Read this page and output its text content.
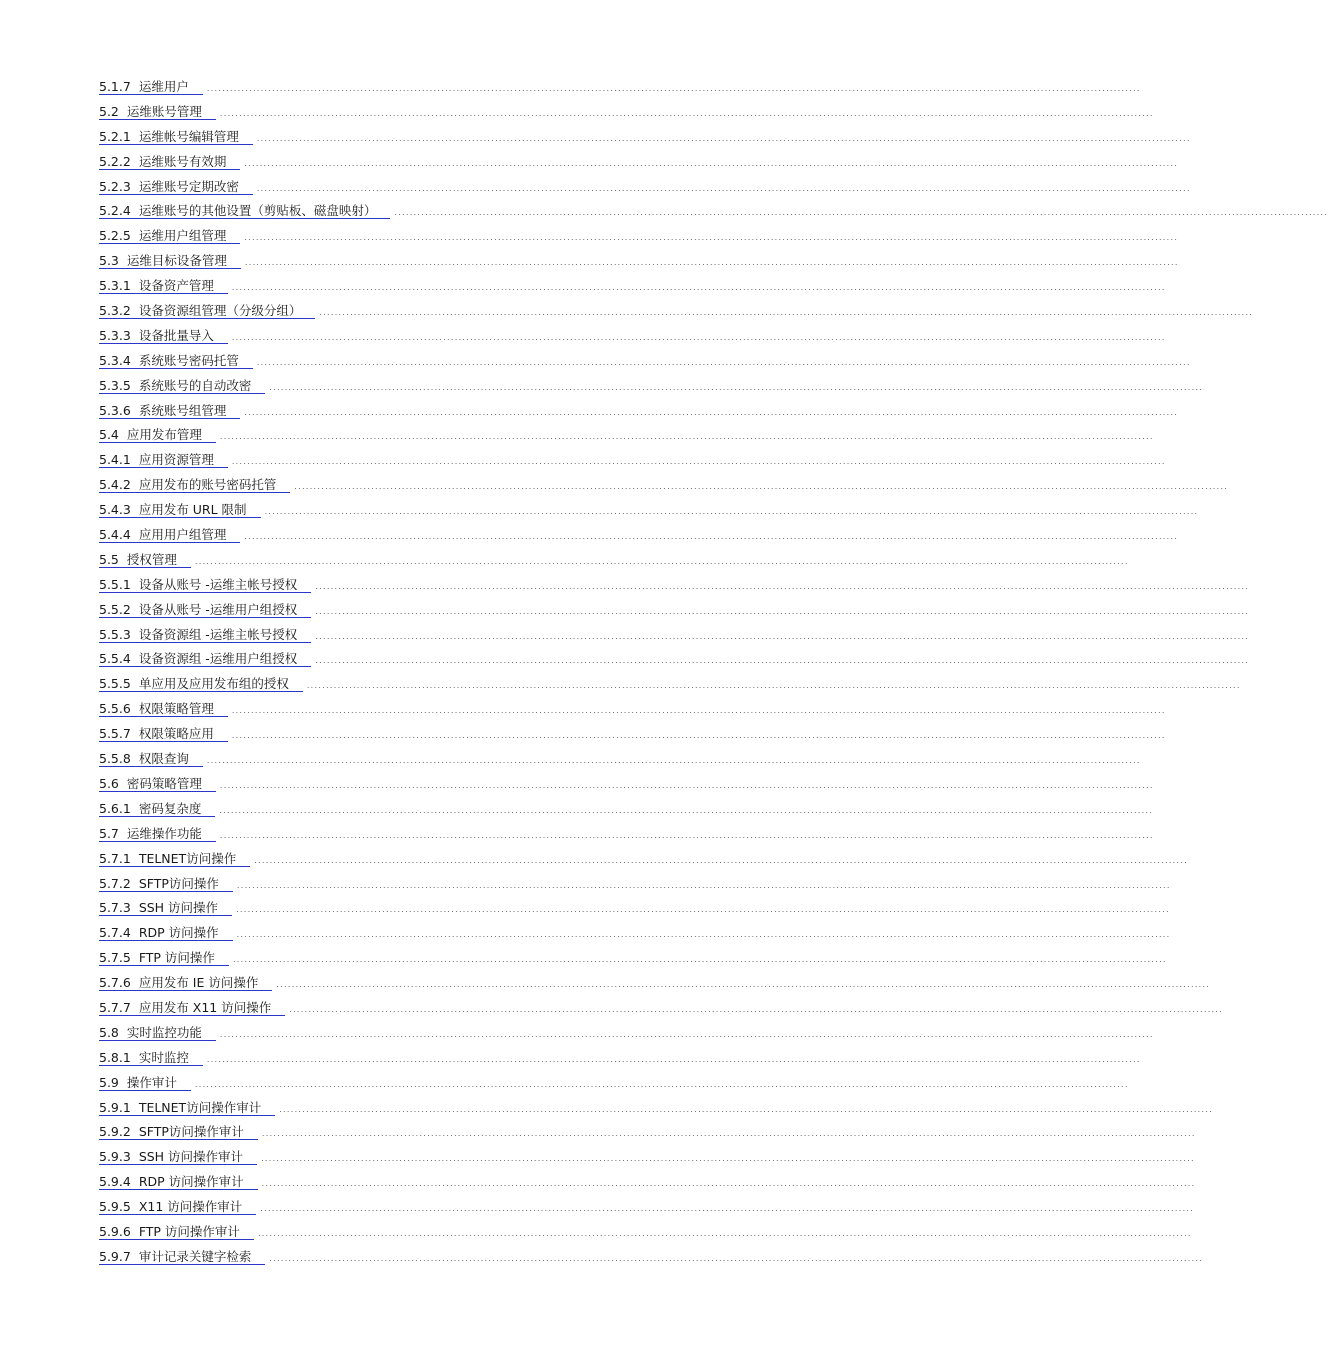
5.1.7 运维用户	...................................................................................................................................................................................................................................................
5.2 运维账号管理	...................................................................................................................................................................................................................................................
5.2.1 运维帐号编辑管理	...................................................................................................................................................................................................................................................
5.2.2 运维账号有效期	...................................................................................................................................................................................................................................................
5.2.3 运维账号定期改密	...................................................................................................................................................................................................................................................
5.2.4 运维账号的其他设置（剪贴板、磁盘映射）	...................................................................................................................................................................................................................................................
5.2.5 运维用户组管理	...................................................................................................................................................................................................................................................
5.3 运维目标设备管理	...................................................................................................................................................................................................................................................
5.3.1 设备资产管理	...................................................................................................................................................................................................................................................
5.3.2 设备资源组管理（分级分组）	...................................................................................................................................................................................................................................................
5.3.3 设备批量导入	...................................................................................................................................................................................................................................................
5.3.4 系统账号密码托管	...................................................................................................................................................................................................................................................
5.3.5 系统账号的自动改密	...................................................................................................................................................................................................................................................
5.3.6 系统账号组管理	...................................................................................................................................................................................................................................................
5.4 应用发布管理	...................................................................................................................................................................................................................................................
5.4.1 应用资源管理	...................................................................................................................................................................................................................................................
5.4.2 应用发布的账号密码托管	...................................................................................................................................................................................................................................................
5.4.3 应用发布 URL 限制	...................................................................................................................................................................................................................................................
5.4.4 应用用户组管理	...................................................................................................................................................................................................................................................
5.5 授权管理	...................................................................................................................................................................................................................................................
5.5.1 设备从账号 -运维主帐号授权	...................................................................................................................................................................................................................................................
5.5.2 设备从账号 -运维用户组授权	...................................................................................................................................................................................................................................................
5.5.3 设备资源组 -运维主帐号授权	...................................................................................................................................................................................................................................................
5.5.4 设备资源组 -运维用户组授权	...................................................................................................................................................................................................................................................
5.5.5 单应用及应用发布组的授权	...................................................................................................................................................................................................................................................
5.5.6 权限策略管理	...................................................................................................................................................................................................................................................
5.5.7 权限策略应用	...................................................................................................................................................................................................................................................
5.5.8 权限查询	...................................................................................................................................................................................................................................................
5.6 密码策略管理	...................................................................................................................................................................................................................................................
5.6.1 密码复杂度	...................................................................................................................................................................................................................................................
5.7 运维操作功能	...................................................................................................................................................................................................................................................
5.7.1 TELNET访问操作	...................................................................................................................................................................................................................................................
5.7.2 SFTP访问操作	...................................................................................................................................................................................................................................................
5.7.3 SSH 访问操作	...................................................................................................................................................................................................................................................
5.7.4 RDP 访问操作	...................................................................................................................................................................................................................................................
5.7.5 FTP 访问操作	...................................................................................................................................................................................................................................................
5.7.6 应用发布 IE 访问操作	...................................................................................................................................................................................................................................................
5.7.7 应用发布 X11 访问操作	...................................................................................................................................................................................................................................................
5.8 实时监控功能	...................................................................................................................................................................................................................................................
5.8.1 实时监控	...................................................................................................................................................................................................................................................
5.9 操作审计	...................................................................................................................................................................................................................................................
5.9.1 TELNET访问操作审计	...................................................................................................................................................................................................................................................
5.9.2 SFTP访问操作审计	...................................................................................................................................................................................................................................................
5.9.3 SSH 访问操作审计	...................................................................................................................................................................................................................................................
5.9.4 RDP 访问操作审计	...................................................................................................................................................................................................................................................
5.9.5 X11 访问操作审计	...................................................................................................................................................................................................................................................
5.9.6 FTP 访问操作审计	...................................................................................................................................................................................................................................................
5.9.7 审计记录关键字检索	...................................................................................................................................................................................................................................................
